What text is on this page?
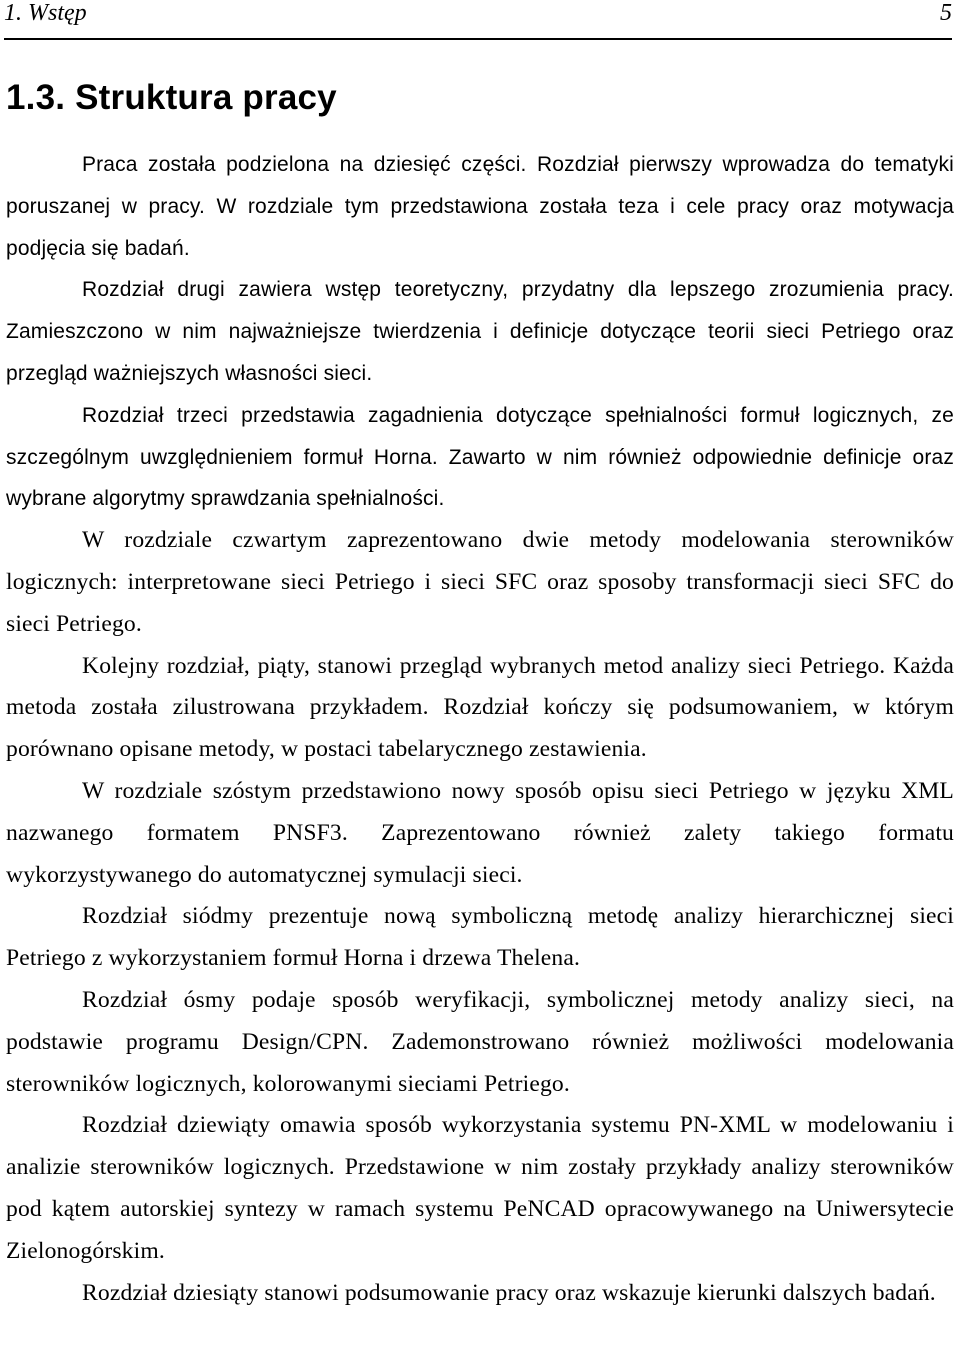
1. Wstęp	5
1.3. Struktura pracy

Praca została podzielona na dziesięć części. Rozdział pierwszy wprowadza do tematyki poruszanej w pracy. W rozdziale tym przedstawiona została teza i cele pracy oraz motywacja podjęcia się badań.

Rozdział drugi zawiera wstęp teoretyczny, przydatny dla lepszego zrozumienia pracy. Zamieszczono w nim najważniejsze twierdzenia i definicje dotyczące teorii sieci Petriego oraz przegląd ważniejszych własności sieci.

Rozdział trzeci przedstawia zagadnienia dotyczące spełnialności formuł logicznych, ze szczególnym uwzględnieniem formuł Horna. Zawarto w nim również odpowiednie definicje oraz wybrane algorytmy sprawdzania spełnialności.

W rozdziale czwartym zaprezentowano dwie metody modelowania sterowników logicznych: interpretowane sieci Petriego i sieci SFC oraz sposoby transformacji sieci SFC do sieci Petriego.

Kolejny rozdział, piąty, stanowi przegląd wybranych metod analizy sieci Petriego. Każda metoda została zilustrowana przykładem. Rozdział kończy się podsumowaniem, w którym porównano opisane metody, w postaci tabelarycznego zestawienia.

W rozdziale szóstym przedstawiono nowy sposób opisu sieci Petriego w języku XML nazwanego formatem PNSF3. Zaprezentowano również zalety takiego formatu wykorzystywanego do automatycznej symulacji sieci.

Rozdział siódmy prezentuje nową symboliczną metodę analizy hierarchicznej sieci Petriego z wykorzystaniem formuł Horna i drzewa Thelena.

Rozdział ósmy podaje sposób weryfikacji, symbolicznej metody analizy sieci, na podstawie programu Design/CPN. Zademonstrowano również możliwości modelowania sterowników logicznych, kolorowanymi sieciami Petriego.

Rozdział dziewiąty omawia sposób wykorzystania systemu PN-XML w modelowaniu i analizie sterowników logicznych. Przedstawione w nim zostały przykłady analizy sterowników pod kątem autorskiej syntezy w ramach systemu PeNCAD opracowywanego na Uniwersytecie Zielonogórskim.

Rozdział dziesiąty stanowi podsumowanie pracy oraz wskazuje kierunki dalszych badań.
